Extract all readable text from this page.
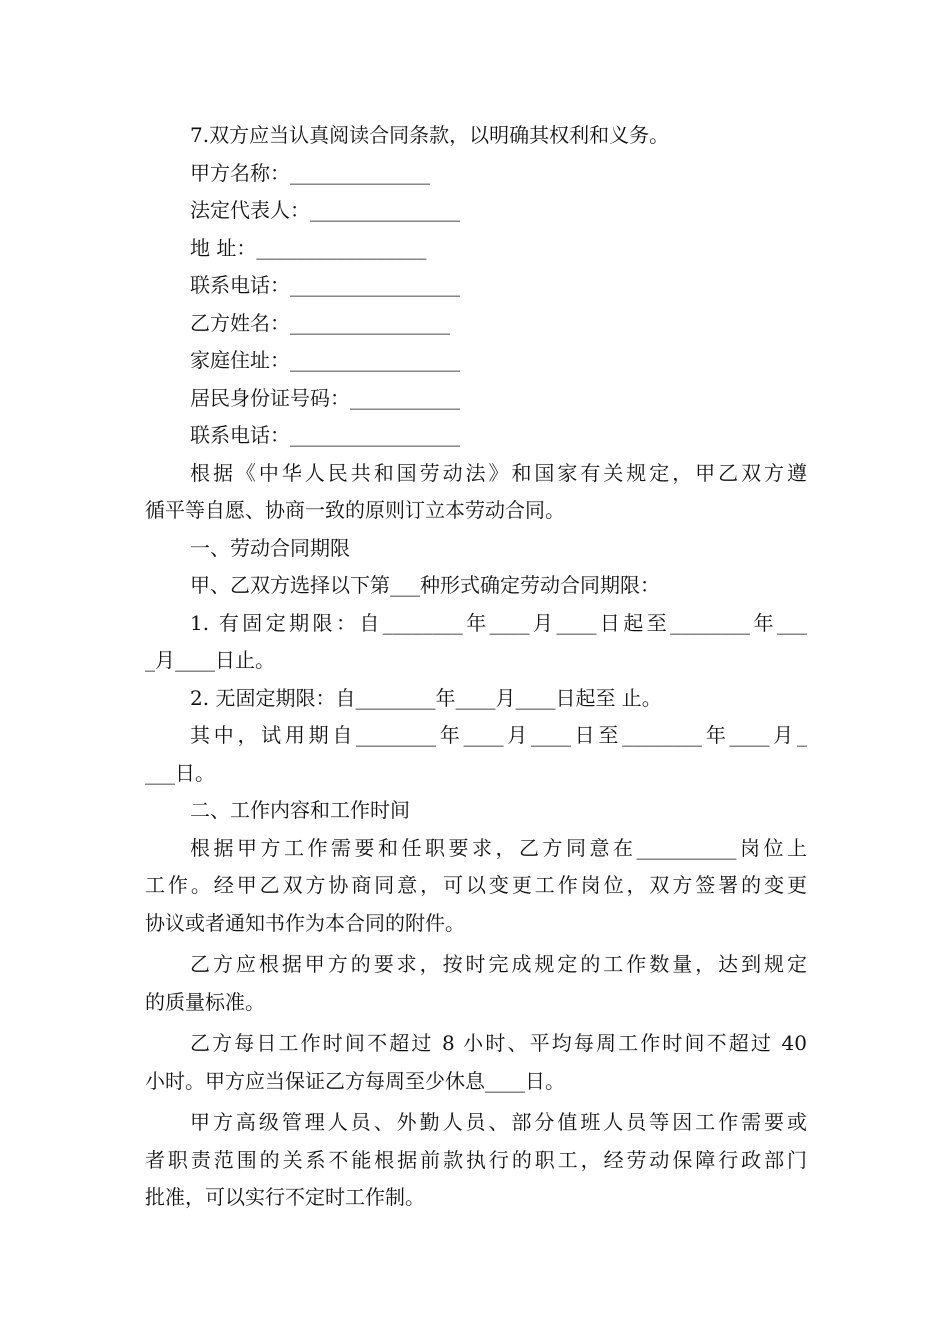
7.双方应当认真阅读合同条款，以明确其权利和义务。

甲方名称：______________

法定代表人：_______________

地 址：_________________

联系电话：_________________

乙方姓名：________________

家庭住址：_________________

居民身份证号码：___________

联系电话：_________________

根据《中华人民共和国劳动法》和国家有关规定，甲乙双方遵
循平等自愿、协商一致的原则订立本劳动合同。

一、劳动合同期限

甲、乙双方选择以下第___种形式确定劳动合同期限：

1. 有固定期限：自________年____月____日起至________年___
_月____日止。

2. 无固定期限：自________年____月____日起至 止。

其中，试用期自________年____月____日至________年____月_
___日。

二、工作内容和工作时间

根据甲方工作需要和任职要求，乙方同意在__________岗位上
工作。经甲乙双方协商同意，可以变更工作岗位，双方签署的变更
协议或者通知书作为本合同的附件。
乙方应根据甲方的要求，按时完成规定的工作数量，达到规定
的质量标准。
乙方每日工作时间不超过 8 小时、平均每周工作时间不超过 40
小时。甲方应当保证乙方每周至少休息____日。
甲方高级管理人员、外勤人员、部分值班人员等因工作需要或
者职责范围的关系不能根据前款执行的职工，经劳动保障行政部门
批准，可以实行不定时工作制。
